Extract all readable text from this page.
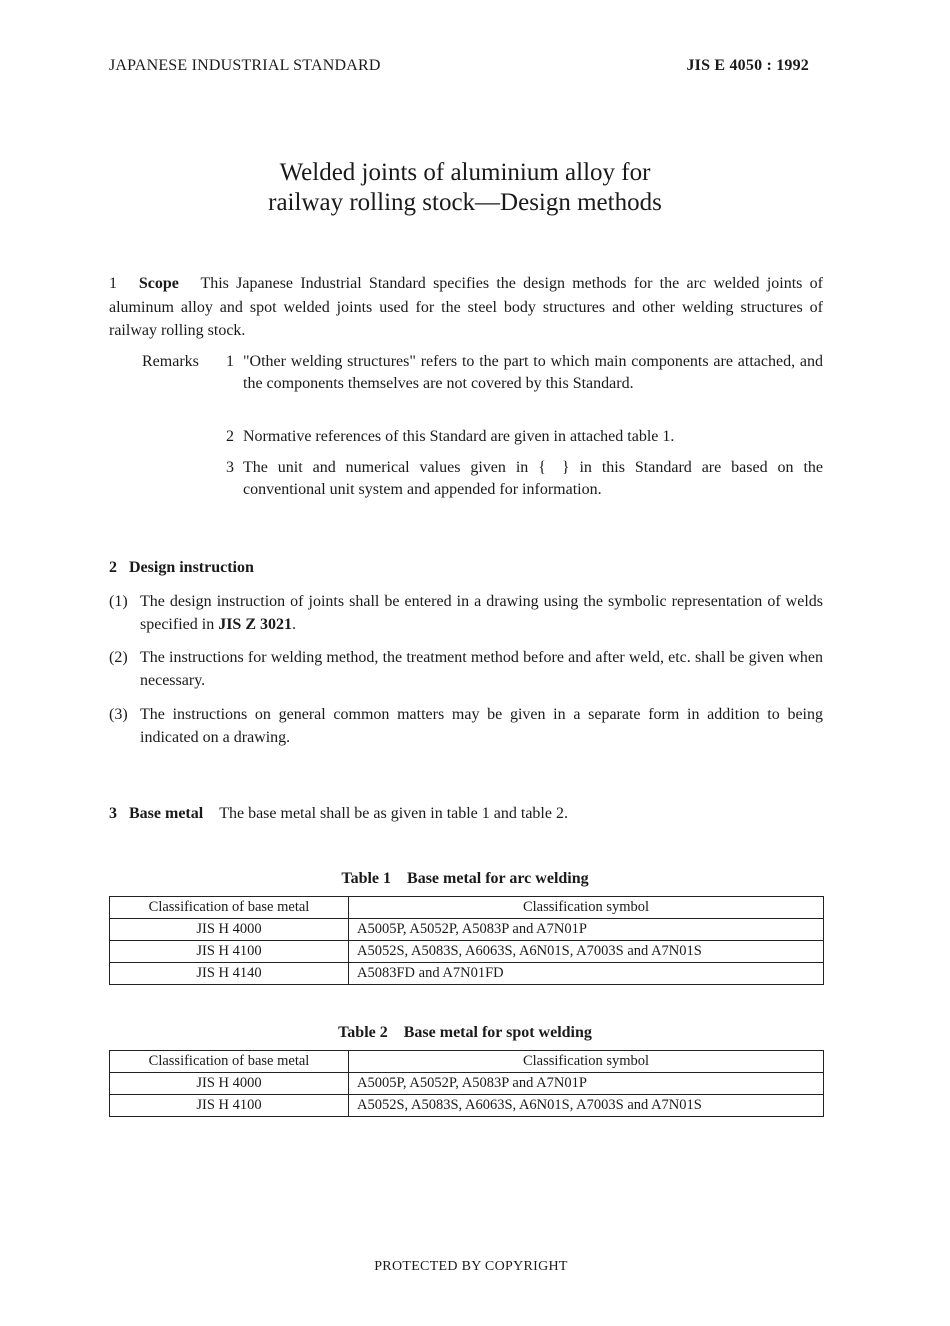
JAPANESE INDUSTRIAL STANDARD	JIS E 4050 : 1992
Welded joints of aluminium alloy for
railway rolling stock—Design methods
1 Scope This Japanese Industrial Standard specifies the design methods for the arc welded joints of aluminum alloy and spot welded joints used for the steel body structures and other welding structures of railway rolling stock.
Remarks	1 "Other welding structures" refers to the part to which main components are attached, and the components themselves are not covered by this Standard.
2 Normative references of this Standard are given in attached table 1.
3 The unit and numerical values given in { } in this Standard are based on the conventional unit system and appended for information.
2 Design instruction
(1) The design instruction of joints shall be entered in a drawing using the symbolic representation of welds specified in JIS Z 3021.
(2) The instructions for welding method, the treatment method before and after weld, etc. shall be given when necessary.
(3) The instructions on general common matters may be given in a separate form in addition to being indicated on a drawing.
3 Base metal The base metal shall be as given in table 1 and table 2.
Table 1 Base metal for arc welding
Classification of base metal	Classification symbol
JIS H 4000	A5005P, A5052P, A5083P and A7N01P
JIS H 4100	A5052S, A5083S, A6063S, A6N01S, A7003S and A7N01S
JIS H 4140	A5083FD and A7N01FD
Table 2 Base metal for spot welding
Classification of base metal	Classification symbol
JIS H 4000	A5005P, A5052P, A5083P and A7N01P
JIS H 4100	A5052S, A5083S, A6063S, A6N01S, A7003S and A7N01S
PROTECTED BY COPYRIGHT
